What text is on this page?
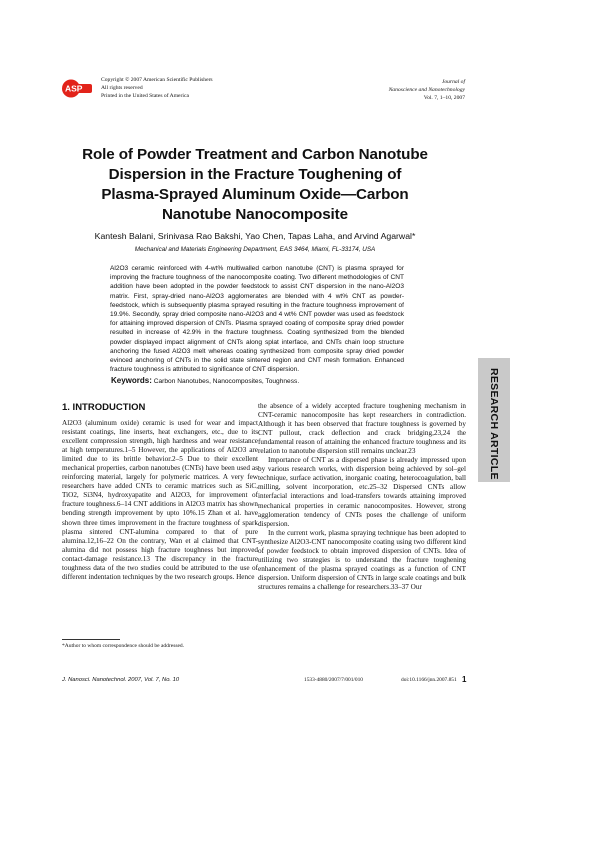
ASP
Copyright © 2007 American Scientific Publishers
All rights reserved
Printed in the United States of America
Journal of
Nanoscience and Nanotechnology
Vol. 7, 1–10, 2007
Role of Powder Treatment and Carbon Nanotube Dispersion in the Fracture Toughening of Plasma-Sprayed Aluminum Oxide—Carbon Nanotube Nanocomposite
Kantesh Balani, Srinivasa Rao Bakshi, Yao Chen, Tapas Laha, and Arvind Agarwal*
Mechanical and Materials Engineering Department, EAS 3464, Miami, FL-33174, USA
Al2O3 ceramic reinforced with 4-wt% multiwalled carbon nanotube (CNT) is plasma sprayed for improving the fracture toughness of the nanocomposite coating. Two different methodologies of CNT addition have been adopted in the powder feedstock to assist CNT dispersion in the nano-Al2O3 matrix. First, spray-dried nano-Al2O3 agglomerates are blended with 4 wt% CNT as powder-feedstock, which is subsequently plasma sprayed resulting in the fracture toughness improvement of 19.9%. Secondly, spray dried composite nano-Al2O3 and 4 wt% CNT powder was used as feedstock for attaining improved dispersion of CNTs. Plasma sprayed coating of composite spray dried powder resulted in increase of 42.9% in the fracture toughness. Coating synthesized from the blended powder displayed impact alignment of CNTs along splat interface, and CNTs chain loop structure anchoring the fused Al2O3 melt whereas coating synthesized from composite spray dried powder evinced anchoring of CNTs in the solid state sintered region and CNT mesh formation. Enhanced fracture toughness is attributed to significance of CNT dispersion.
Keywords: Carbon Nanotubes, Nanocomposites, Toughness.	RESEARCH ARTICLE
1. INTRODUCTION

Al2O3 (aluminum oxide) ceramic is used for wear and impact resistant coatings, line inserts, heat exchangers, etc., due to its excellent compression strength, high hardness and wear resistance at high temperatures.1–5 However, the applications of Al2O3 are limited due to its brittle behavior.2–5 Due to their excellent mechanical properties, carbon nanotubes (CNTs) have been used as reinforcing material, largely for polymeric matrices. A very few researchers have added CNTs to ceramic matrices such as SiC, TiO2, Si3N4, hydroxyapatite and Al2O3, for improvement of fracture toughness.6–14 CNT additions in Al2O3 matrix has shown bending strength improvement by upto 10%.15 Zhan et al. have shown three times improvement in the fracture toughness of spark plasma sintered CNT-alumina compared to that of pure alumina.12,16–22 On the contrary, Wan et al claimed that CNT-alumina did not possess high fracture toughness but improved contact-damage resistance.13 The discrepancy in the fracture toughness data of the two studies could be attributed to the use of different indentation techniques by the two research groups. Hence

the absence of a widely accepted fracture toughening mechanism in CNT-ceramic nanocomposite has kept researchers in contradiction. Although it has been observed that fracture toughness is governed by CNT pullout, crack deflection and crack bridging,23,24 the fundamental reason of attaining the enhanced fracture toughness and its relation to nanotube dispersion still remains unclear.23

Importance of CNT as a dispersed phase is already impressed upon by various research works, with dispersion being achieved by sol–gel technique, surface activation, inorganic coating, heterocoagulation, ball milling, solvent incorporation, etc.25–32 Dispersed CNTs allow interfacial interactions and load-transfers towards attaining improved mechanical properties in ceramic nanocomposites. However, strong agglomeration tendency of CNTs poses the challenge of uniform dispersion.

In the current work, plasma spraying technique has been adopted to synthesize Al2O3-CNT nanocomposite coating using two different kind of powder feedstock to obtain improved dispersion of CNTs. Idea of utilizing two strategies is to understand the fracture toughening enhancement of the plasma sprayed coatings as a function of CNT dispersion. Uniform dispersion of CNTs in large scale coatings and bulk structures remains a challenge for researchers.33–37 Our

*Author to whom correspondence should be addressed.
J. Nanosci. Nanotechnol. 2007, Vol. 7, No. 10	1533-4880/2007/7/001/010	doi:10.1166/jnn.2007.851 1
